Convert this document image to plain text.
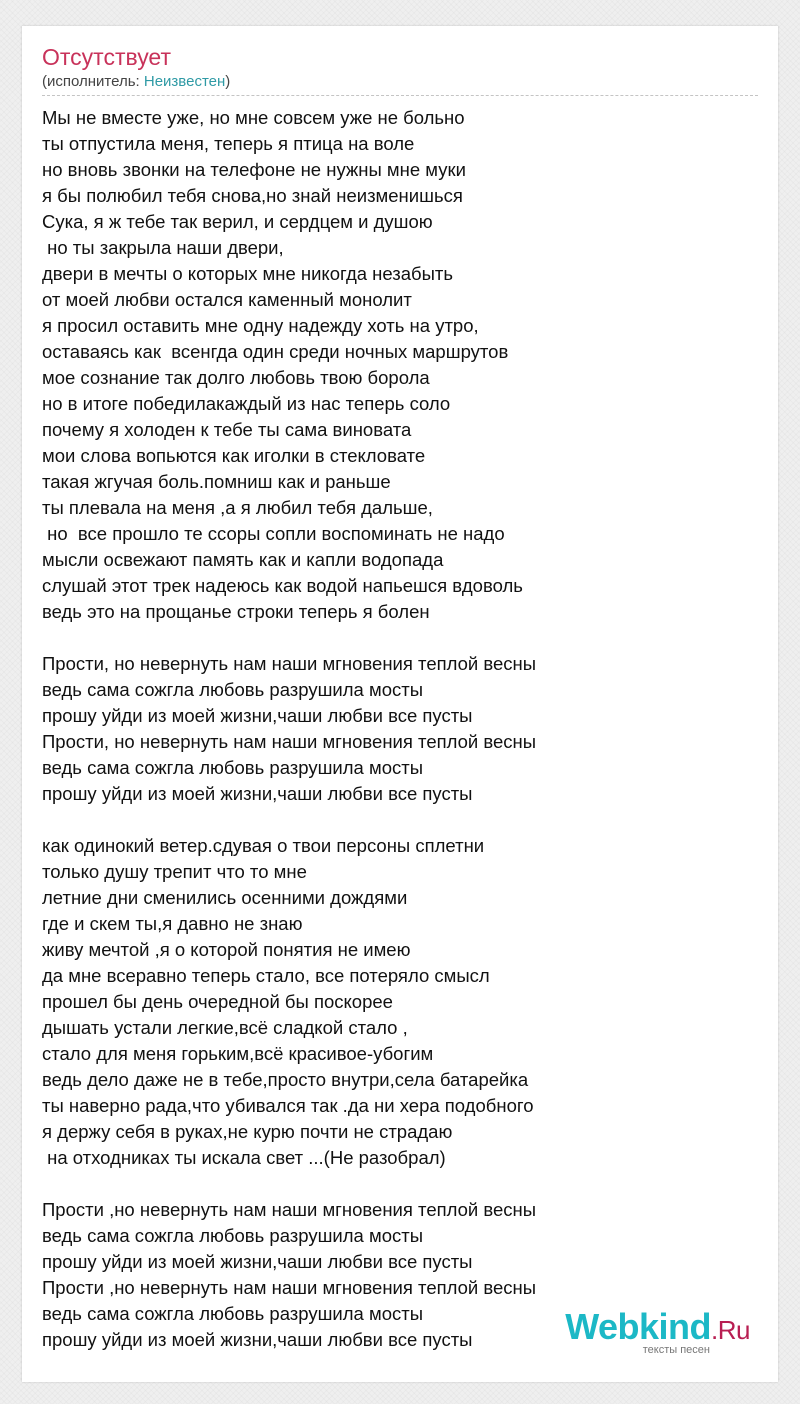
Отсутствует
(исполнитель: Неизвестен)
Мы не вместе уже, но мне совсем уже не больно
ты отпустила меня, теперь я птица на воле
но вновь звонки на телефоне не нужны мне муки
я бы полюбил тебя снова,но знай неизменишься
Сука, я ж тебе так верил, и сердцем и душою
но ты закрыла наши двери,
двери в мечты о которых мне никогда незабыть
от моей любви остался каменный монолит
я просил оставить мне одну надежду хоть на утро,
оставаясь как  всенгда один среди ночных маршрутов
мое сознание так долго любовь твою борола
но в итоге победилакаждый из нас теперь соло
почему я холоден к тебе ты сама виновата
мои слова вопьются как иголки в стекловате
такая жгучая боль.помниш как и раньше
ты плевала на меня ,а я любил тебя дальше,
но  все прошло те ссоры сопли воспоминать не надо
мысли освежают память как и капли водопада
слушай этот трек надеюсь как водой напьешся вдоволь
ведь это на прощанье строки теперь я болен

Прости, но невернуть нам наши мгновения теплой весны
ведь сама сожгла любовь разрушила мосты
прошу уйди из моей жизни,чаши любви все пусты
Прости, но невернуть нам наши мгновения теплой весны
ведь сама сожгла любовь разрушила мосты
прошу уйди из моей жизни,чаши любви все пусты

как одинокий ветер.сдувая о твои персоны сплетни
только душу трепит что то мне
летние дни сменились осенними дождями
где и скем ты,я давно не знаю
живу мечтой ,я о которой понятия не имею
да мне всеравно теперь стало, все потеряло смысл
прошел бы день очередной бы поскорее
дышать устали легкие,всё сладкой стало ,
стало для меня горьким,всё красивое-убогим
ведь дело даже не в тебе,просто внутри,села батарейка
ты наверно рада,что убивался так .да ни хера подобного
я держу себя в руках,не курю почти не страдаю
на отходниках ты искала свет ...(Не разобрал)

Прости ,но невернуть нам наши мгновения теплой весны
ведь сама сожгла любовь разрушила мосты
прошу уйди из моей жизни,чаши любви все пусты
Прости ,но невернуть нам наши мгновения теплой весны
ведь сама сожгла любовь разрушила мосты
прошу уйди из моей жизни,чаши любви все пусты	Webkind.Ru
тексты песен
